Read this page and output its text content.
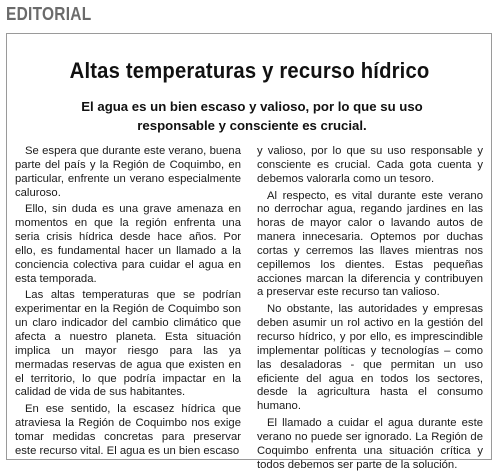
EDITORIAL
Altas temperaturas y recurso hídrico
El agua es un bien escaso y valioso, por lo que su uso responsable y consciente es crucial.

Se espera que durante este verano, buena parte del país y la Región de Coquimbo, en particular, enfrente un verano especialmente caluroso.

Ello, sin duda es una grave amenaza en momentos en que la región enfrenta una seria crisis hídrica desde hace años. Por ello, es fundamental hacer un llamado a la conciencia colectiva para cuidar el agua en esta temporada.

Las altas temperaturas que se podrían experimentar en la Región de Coquimbo son un claro indicador del cambio climático que afecta a nuestro planeta. Esta situación implica un mayor riesgo para las ya mermadas reservas de agua que existen en el territorio, lo que podría impactar en la calidad de vida de sus habitantes.

En ese sentido, la escasez hídrica que atraviesa la Región de Coquimbo nos exige tomar medidas concretas para preservar este recurso vital. El agua es un bien escaso

y valioso, por lo que su uso responsable y consciente es crucial. Cada gota cuenta y debemos valorarla como un tesoro.

Al respecto, es vital durante este verano no derrochar agua, regando jardines en las horas de mayor calor o lavando autos de manera innecesaria. Optemos por duchas cortas y cerremos las llaves mientras nos cepillemos los dientes. Estas pequeñas acciones marcan la diferencia y contribuyen a preservar este recurso tan valioso.

No obstante, las autoridades y empresas deben asumir un rol activo en la gestión del recurso hídrico, y por ello, es imprescindible implementar políticas y tecnologías – como las desaladoras - que permitan un uso eficiente del agua en todos los sectores, desde la agricultura hasta el consumo humano.

El llamado a cuidar el agua durante este verano no puede ser ignorado. La Región de Coquimbo enfrenta una situación crítica y todos debemos ser parte de la solución.
